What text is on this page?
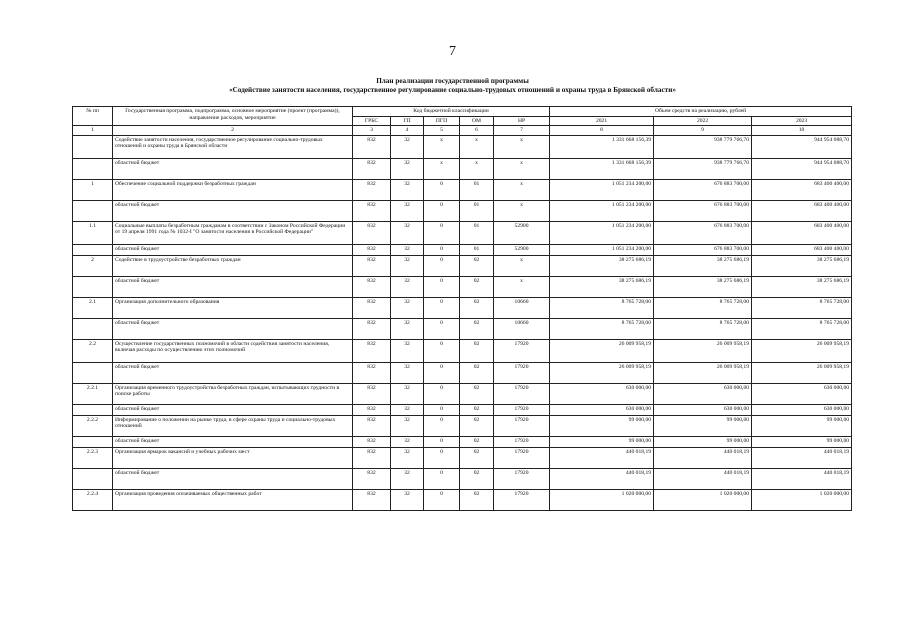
7
План реализации государственной программы
«Содействие занятости населения, государственное регулирование социально-трудовых отношений и охраны труда в Брянской области»
№ пп	Государственная программа, подпрограмма, основное мероприятие (проект (программа)), направление расходов, мероприятие	Код бюджетной классификации					Объем средств на реализацию, рублей		
		ГРБС	ГП	ПГП	ОМ	НР	2021	2022	2023
1	2	3	4	5	6	7	8	9	10
	Содействие занятости населения, государственное регулирование социально-трудовых отношений и охраны труда в Брянской области	832	32	х	х	х	1 331 668 156,39	938 779 766,70	944 954 088,70
	областной бюджет	832	32	х	х	х	1 331 668 156,39	938 779 766,70	944 954 088,70
1	Обеспечение социальной поддержки безработных граждан	832	32	0	01	х	1 051 234 200,00	676 883 700,00	683 400 400,00
	областной бюджет	832	32	0	01	х	1 051 234 200,00	676 883 700,00	683 400 400,00
1.1	Социальные выплаты безработным гражданам в соответствии с Законом Российской Федерации от 19 апреля 1991 года № 1032-I "О занятости населения в Российской Федерации"	832	32	0	01	52900	1 051 234 200,00	676 883 700,00	683 400 400,00
	областной бюджет	832	32	0	01	52900	1 051 234 200,00	676 883 700,00	683 400 400,00
2	Содействие в трудоустройстве безработных граждан	832	32	0	02	х	38 275 686,19	38 275 686,19	38 275 686,19
	областной бюджет	832	32	0	02	х	38 275 686,19	38 275 686,19	38 275 686,19
2.1	Организация дополнительного образования	832	32	0	02	10660	8 765 728,00	8 765 728,00	8 765 728,00
	областной бюджет	832	32	0	02	10660	8 765 728,00	8 765 728,00	8 765 728,00
2.2	Осуществление государственных полномочий в области содействия занятости населения, включая расходы по осуществлению этих полномочий	832	32	0	02	17920	26 009 958,19	26 009 958,19	26 009 958,19
	областной бюджет	832	32	0	02	17920	26 009 958,19	26 009 958,19	26 009 958,19
2.2.1	Организация временного трудоустройства безработных граждан, испытывающих трудности в поиске работы	832	32	0	02	17920	630 000,00	630 000,00	630 000,00
	областной бюджет	832	32	0	02	17920	630 000,00	630 000,00	630 000,00
2.2.2	Информирование о положении на рынке труда, в сфере охраны труда и социально-трудовых отношений	832	32	0	02	17920	99 000,00	99 000,00	99 000,00
	областной бюджет	832	32	0	02	17920	99 000,00	99 000,00	99 000,00
2.2.3	Организация ярмарок вакансий и учебных рабочих мест	832	32	0	02	17920	440 018,19	440 018,19	440 018,19
	областной бюджет	832	32	0	02	17920	440 018,19	440 018,19	440 018,19
2.2.4	Организация проведения оплачиваемых общественных работ	832	32	0	02	17920	1 020 000,00	1 020 000,00	1 020 000,00
